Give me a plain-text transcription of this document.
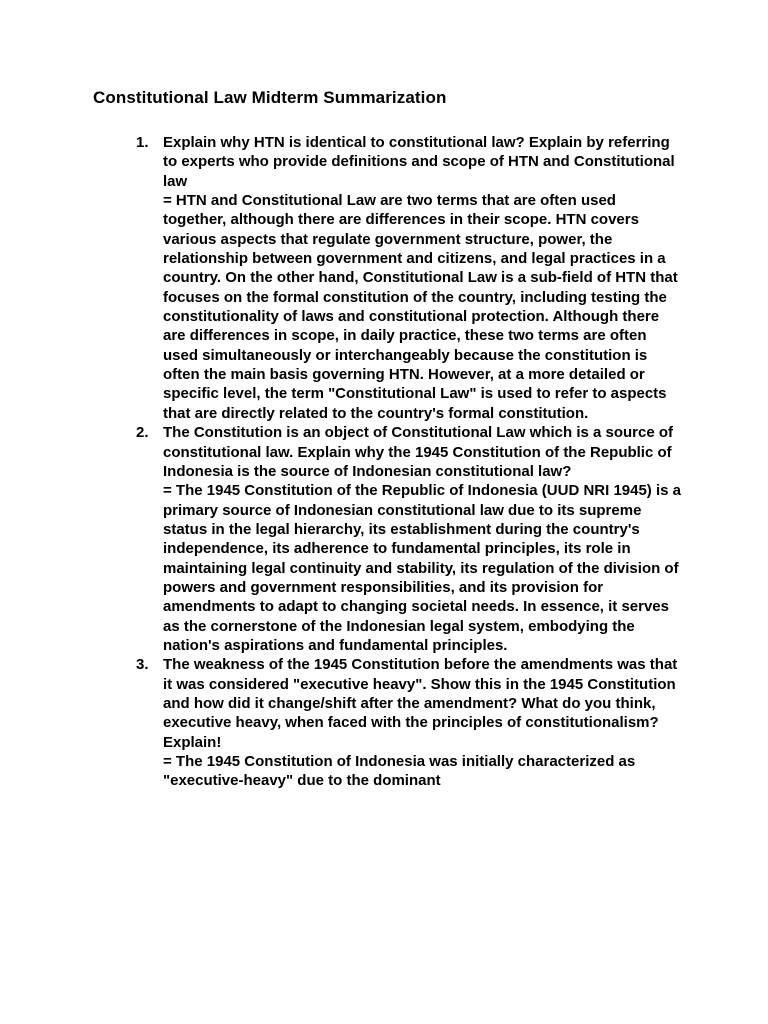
Constitutional Law Midterm Summarization
1. Explain why HTN is identical to constitutional law? Explain by referring to experts who provide definitions and scope of HTN and Constitutional law
= HTN and Constitutional Law are two terms that are often used together, although there are differences in their scope. HTN covers various aspects that regulate government structure, power, the relationship between government and citizens, and legal practices in a country. On the other hand, Constitutional Law is a sub-field of HTN that focuses on the formal constitution of the country, including testing the constitutionality of laws and constitutional protection. Although there are differences in scope, in daily practice, these two terms are often used simultaneously or interchangeably because the constitution is often the main basis governing HTN. However, at a more detailed or specific level, the term "Constitutional Law" is used to refer to aspects that are directly related to the country's formal constitution.
2. The Constitution is an object of Constitutional Law which is a source of constitutional law. Explain why the 1945 Constitution of the Republic of Indonesia is the source of Indonesian constitutional law?
= The 1945 Constitution of the Republic of Indonesia (UUD NRI 1945) is a primary source of Indonesian constitutional law due to its supreme status in the legal hierarchy, its establishment during the country's independence, its adherence to fundamental principles, its role in maintaining legal continuity and stability, its regulation of the division of powers and government responsibilities, and its provision for amendments to adapt to changing societal needs. In essence, it serves as the cornerstone of the Indonesian legal system, embodying the nation's aspirations and fundamental principles.
3. The weakness of the 1945 Constitution before the amendments was that it was considered "executive heavy". Show this in the 1945 Constitution and how did it change/shift after the amendment? What do you think, executive heavy, when faced with the principles of constitutionalism? Explain!
= The 1945 Constitution of Indonesia was initially characterized as "executive-heavy" due to the dominant
